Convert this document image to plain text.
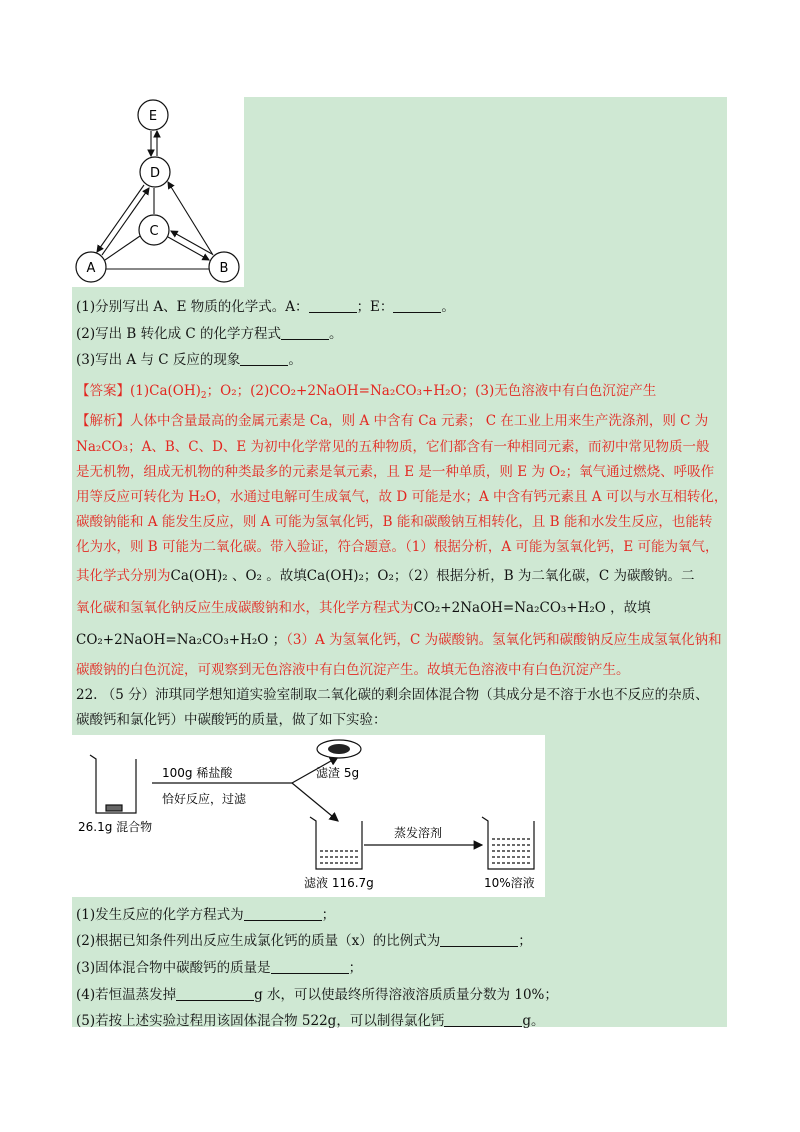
E
D
C
A	B
(1)分别写出 A、E 物质的化学式。A：	；E：	。
(2)写出 B 转化成 C 的化学方程式	。
(3)写出 A 与 C 反应的现象	。
【答案】$(1)Ca(OH)_2$；O₂；(2)CO₂+2NaOH=Na₂CO₃+H₂O；(3)无色溶液中有白色沉淀产生
【解析】人体中含量最高的金属元素是 Ca，则 A 中含有 Ca 元素； C 在工业上用来生产洗涤剂，则 C 为
Na₂CO₃；A、B、C、D、E 为初中化学常见的五种物质，它们都含有一种相同元素，而初中常见物质一般
是无机物，组成无机物的种类最多的元素是氧元素，且 E 是一种单质，则 E 为 O₂；氧气通过燃烧、呼吸作
用等反应可转化为 H₂O，水通过电解可生成氧气，故 D 可能是水；A 中含有钙元素且 A 可以与水互相转化，
碳酸钠能和 A 能发生反应，则 A 可能为氢氧化钙，B 能和碳酸钠互相转化，且 B 能和水发生反应，也能转
化为水，则 B 可能为二氧化碳。带入验证，符合题意。（1）根据分析，A 可能为氢氧化钙，E 可能为氧气，
其化学式分别为Ca(OH)₂ 、O₂ 。故填Ca(OH)₂；O₂；（2）根据分析，B 为二氧化碳，C 为碳酸钠。二
氧化碳和氢氧化钠反应生成碳酸钠和水，其化学方程式为CO₂+2NaOH=Na₂CO₃+H₂O ，故填
CO₂+2NaOH=Na₂CO₃+H₂O ；（3）A 为氢氧化钙，C 为碳酸钠。氢氧化钙和碳酸钠反应生成氢氧化钠和
碳酸钠的白色沉淀，可观察到无色溶液中有白色沉淀产生。故填无色溶液中有白色沉淀产生。
22. （5 分）沛琪同学想知道实验室制取二氧化碳的剩余固体混合物（其成分是不溶于水也不反应的杂质、
碳酸钙和氯化钙）中碳酸钙的质量，做了如下实验：
26.1g 混合物
100g 稀盐酸
恰好反应，过滤
滤渣 5g
滤液 116.7g
蒸发溶剂
10%溶液
(1)发生反应的化学方程式为	；
(2)根据已知条件列出反应生成氯化钙的质量（x）的比例式为	；
(3)固体混合物中碳酸钙的质量是	；
(4)若恒温蒸发掉	g 水，可以使最终所得溶液溶质质量分数为 10%；
(5)若按上述实验过程用该固体混合物 522g，可以制得氯化钙	g。
